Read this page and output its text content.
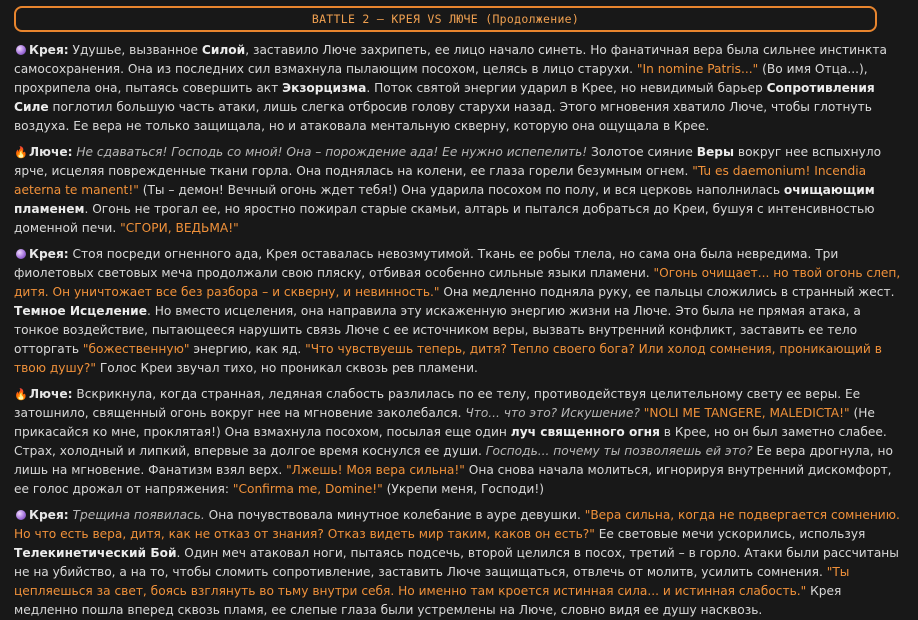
BATTLE 2 – КРЕЯ VS ЛЮЧЕ (Продолжение)
Крея: Удушье, вызванное Силой, заставило Люче захрипеть, ее лицо начало синеть. Но фанатичная вера была сильнее инстинкта самосохранения. Она из последних сил взмахнула пылающим посохом, целясь в лицо старухи. "In nomine Patris..." (Во имя Отца...), прохрипела она, пытаясь совершить акт Экзорцизма. Поток святой энергии ударил в Крее, но невидимый барьер Сопротивления Силе поглотил большую часть атаки, лишь слегка отбросив голову старухи назад. Этого мгновения хватило Люче, чтобы глотнуть воздуха. Ее вера не только защищала, но и атаковала ментальную скверну, которую она ощущала в Крее.
🔥Люче: Не сдаваться! Господь со мной! Она – порождение ада! Ее нужно испепелить! Золотое сияние Веры вокруг нее вспыхнуло ярче, исцеляя поврежденные ткани горла. Она поднялась на колени, ее глаза горели безумным огнем. "Tu es daemonium! Incendia aeterna te manent!" (Ты – демон! Вечный огонь ждет тебя!) Она ударила посохом по полу, и вся церковь наполнилась очищающим пламенем. Огонь не трогал ее, но яростно пожирал старые скамьи, алтарь и пытался добраться до Креи, бушуя с интенсивностью доменной печи. "СГОРИ, ВЕДЬМА!"
Крея: Стоя посреди огненного ада, Крея оставалась невозмутимой. Ткань ее робы тлела, но сама она была невредима. Три фиолетовых световых меча продолжали свою пляску, отбивая особенно сильные языки пламени. "Огонь очищает... но твой огонь слеп, дитя. Он уничтожает все без разбора – и скверну, и невинность." Она медленно подняла руку, ее пальцы сложились в странный жест. Темное Исцеление. Но вместо исцеления, она направила эту искаженную энергию жизни на Люче. Это была не прямая атака, а тонкое воздействие, пытающееся нарушить связь Люче с ее источником веры, вызвать внутренний конфликт, заставить ее тело отторгать "божественную" энергию, как яд. "Что чувствуешь теперь, дитя? Тепло своего бога? Или холод сомнения, проникающий в твою душу?" Голос Креи звучал тихо, но проникал сквозь рев пламени.
🔥Люче: Вскрикнула, когда странная, ледяная слабость разлилась по ее телу, противодействуя целительному свету ее веры. Ее затошнило, священный огонь вокруг нее на мгновение заколебался. Что... что это? Искушение? "NOLI ME TANGERE, MALEDICTA!" (Не прикасайся ко мне, проклятая!) Она взмахнула посохом, посылая еще один луч священного огня в Крее, но он был заметно слабее. Страх, холодный и липкий, впервые за долгое время коснулся ее души. Господь... почему ты позволяешь ей это? Ее вера дрогнула, но лишь на мгновение. Фанатизм взял верх. "Лжешь! Моя вера сильна!" Она снова начала молиться, игнорируя внутренний дискомфорт, ее голос дрожал от напряжения: "Confirma me, Domine!" (Укрепи меня, Господи!)
Крея: Трещина появилась. Она почувствовала минутное колебание в ауре девушки. "Вера сильна, когда не подвергается сомнению. Но что есть вера, дитя, как не отказ от знания? Отказ видеть мир таким, каков он есть?" Ее световые мечи ускорились, используя Телекинетический Бой. Один меч атаковал ноги, пытаясь подсечь, второй целился в посох, третий – в горло. Атаки были рассчитаны не на убийство, а на то, чтобы сломить сопротивление, заставить Люче защищаться, отвлечь от молитв, усилить сомнения. "Ты цепляешься за свет, боясь взглянуть во тьму внутри себя. Но именно там кроется истинная сила... и истинная слабость." Крея медленно пошла вперед сквозь пламя, ее слепые глаза были устремлены на Люче, словно видя ее душу насквозь.
